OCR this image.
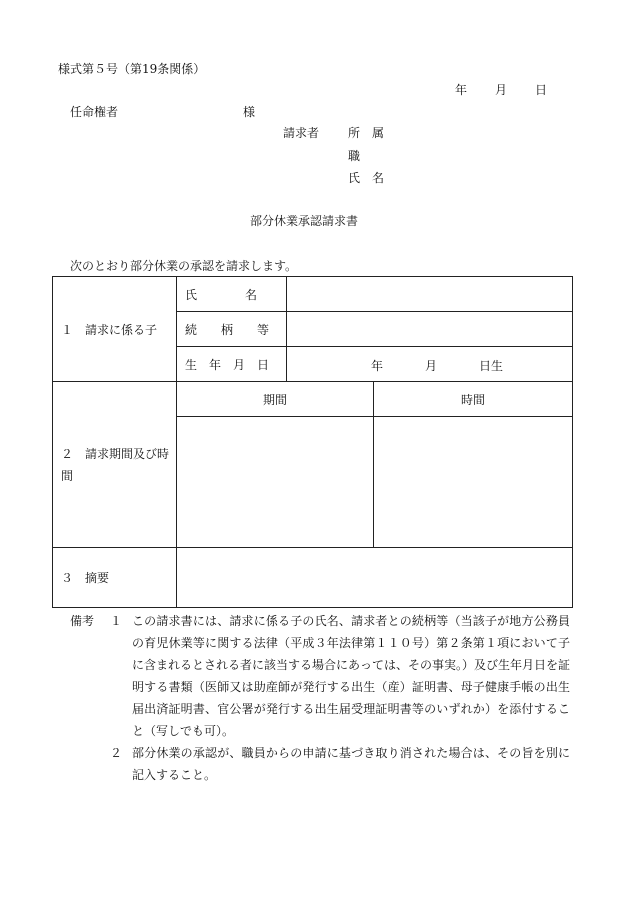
様式第５号（第19条関係）
年 月 日
任命権者	様
請求者 所　属
職
氏　名
部分休業承認請求書
次のとおり部分休業の承認を請求します。
１　請求に係る子	氏　　　　名		
	続　　柄　　等		
	生　年　月　日	年 月 日生	

２　請求期間及び時間	期間		時間

３　摘要			
備考	１ この請求書には、請求に係る子の氏名、請求者との続柄等（当該子が地方公務員の育児休業等に関する法律（平成３年法律第１１０号）第２条第１項において子に含まれるとされる者に該当する場合にあっては、その事実。）及び生年月日を証明する書類（医師又は助産師が発行する出生（産）証明書、母子健康手帳の出生届出済証明書、官公署が発行する出生届受理証明書等のいずれか）を添付すること（写しでも可）。
２ 部分休業の承認が、職員からの申請に基づき取り消された場合は、その旨を別に記入すること。
